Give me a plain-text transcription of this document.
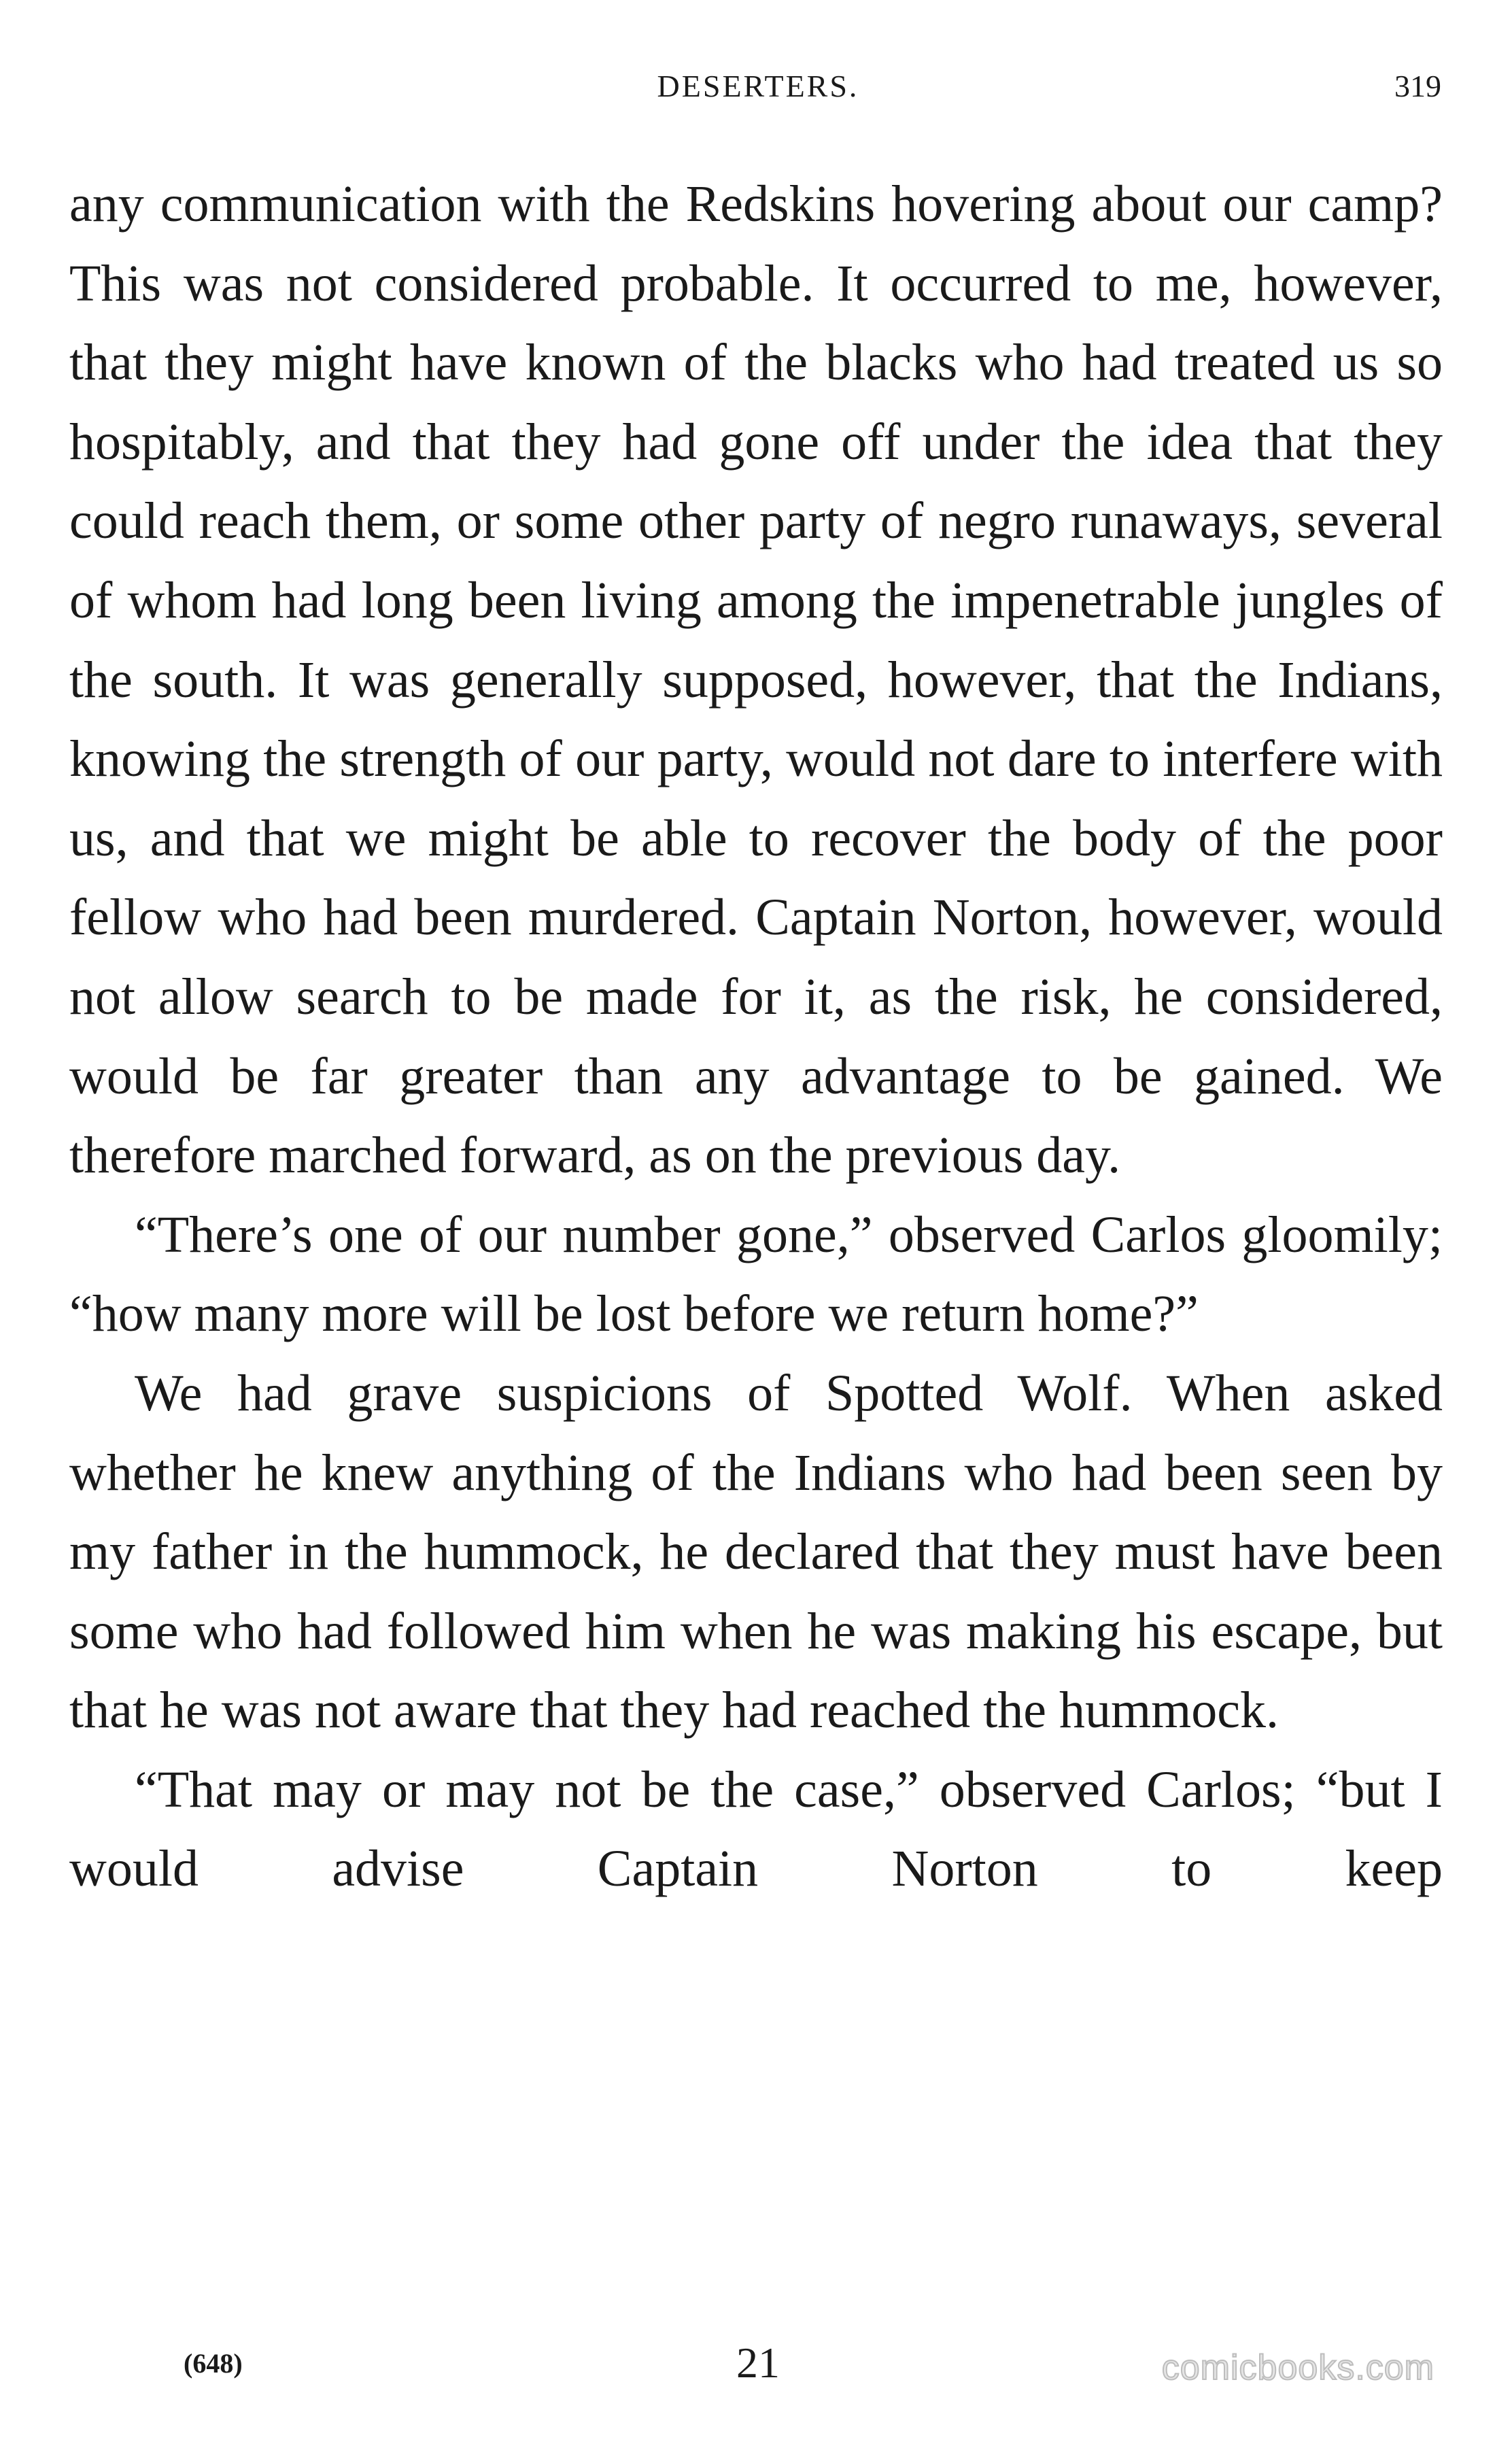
DESERTERS.	319

any communication with the Redskins hovering about our camp? This was not considered probable. It occurred to me, however, that they might have known of the blacks who had treated us so hospitably, and that they had gone off under the idea that they could reach them, or some other party of negro runaways, several of whom had long been living among the impenetrable jungles of the south. It was generally supposed, however, that the Indians, knowing the strength of our party, would not dare to interfere with us, and that we might be able to recover the body of the poor fellow who had been murdered. Captain Norton, however, would not allow search to be made for it, as the risk, he considered, would be far greater than any advantage to be gained. We therefore marched forward, as on the previous day.

“There’s one of our number gone,” observed Carlos gloomily; “how many more will be lost before we return home?”

We had grave suspicions of Spotted Wolf. When asked whether he knew anything of the Indians who had been seen by my father in the hummock, he declared that they must have been some who had followed him when he was making his escape, but that he was not aware that they had reached the hummock.

“That may or may not be the case,” observed Carlos; “but I would advise Captain Norton to keep

(648)	21	comicbooks.com
